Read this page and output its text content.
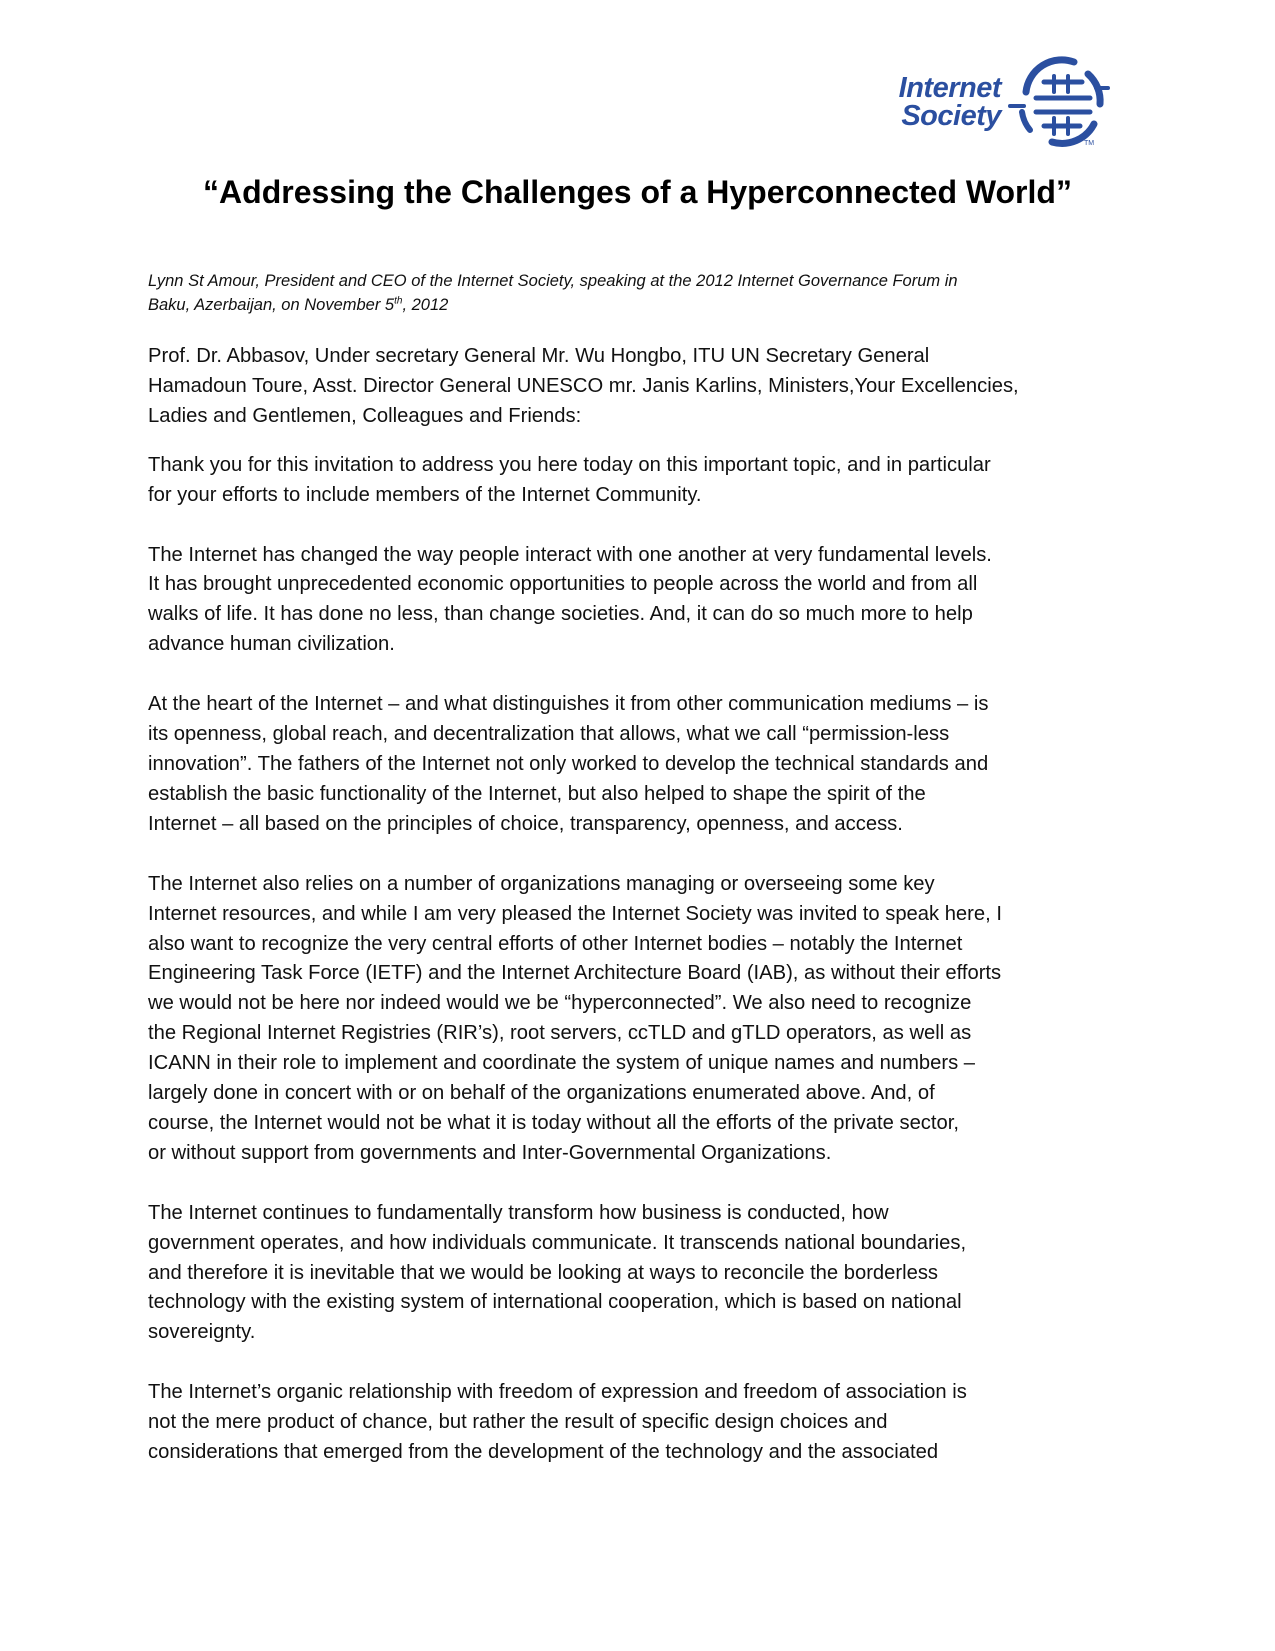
Internet
Society
TM
“Addressing the Challenges of a Hyperconnected World”
Lynn St Amour, President and CEO of the Internet Society, speaking at the 2012 Internet Governance Forum in
Baku, Azerbaijan, on November 5th, 2012

Prof. Dr. Abbasov, Under secretary General Mr. Wu Hongbo, ITU UN Secretary General
Hamadoun Toure, Asst. Director General UNESCO mr. Janis Karlins, Ministers,Your Excellencies,
Ladies and Gentlemen, Colleagues and Friends:

Thank you for this invitation to address you here today on this important topic, and in particular
for your efforts to include members of the Internet Community.

The Internet has changed the way people interact with one another at very fundamental levels.
It has brought unprecedented economic opportunities to people across the world and from all
walks of life. It has done no less, than change societies. And, it can do so much more to help
advance human civilization.

At the heart of the Internet – and what distinguishes it from other communication mediums – is
its openness, global reach, and decentralization that allows, what we call “permission-less
innovation”. The fathers of the Internet not only worked to develop the technical standards and
establish the basic functionality of the Internet, but also helped to shape the spirit of the
Internet – all based on the principles of choice, transparency, openness, and access.

The Internet also relies on a number of organizations managing or overseeing some key
Internet resources, and while I am very pleased the Internet Society was invited to speak here, I
also want to recognize the very central efforts of other Internet bodies – notably the Internet
Engineering Task Force (IETF) and the Internet Architecture Board (IAB), as without their efforts
we would not be here nor indeed would we be “hyperconnected”. We also need to recognize
the Regional Internet Registries (RIR’s), root servers, ccTLD and gTLD operators, as well as
ICANN in their role to implement and coordinate the system of unique names and numbers –
largely done in concert with or on behalf of the organizations enumerated above. And, of
course, the Internet would not be what it is today without all the efforts of the private sector,
or without support from governments and Inter-Governmental Organizations.

The Internet continues to fundamentally transform how business is conducted, how
government operates, and how individuals communicate. It transcends national boundaries,
and therefore it is inevitable that we would be looking at ways to reconcile the borderless
technology with the existing system of international cooperation, which is based on national
sovereignty.

The Internet’s organic relationship with freedom of expression and freedom of association is
not the mere product of chance, but rather the result of specific design choices and
considerations that emerged from the development of the technology and the associated
